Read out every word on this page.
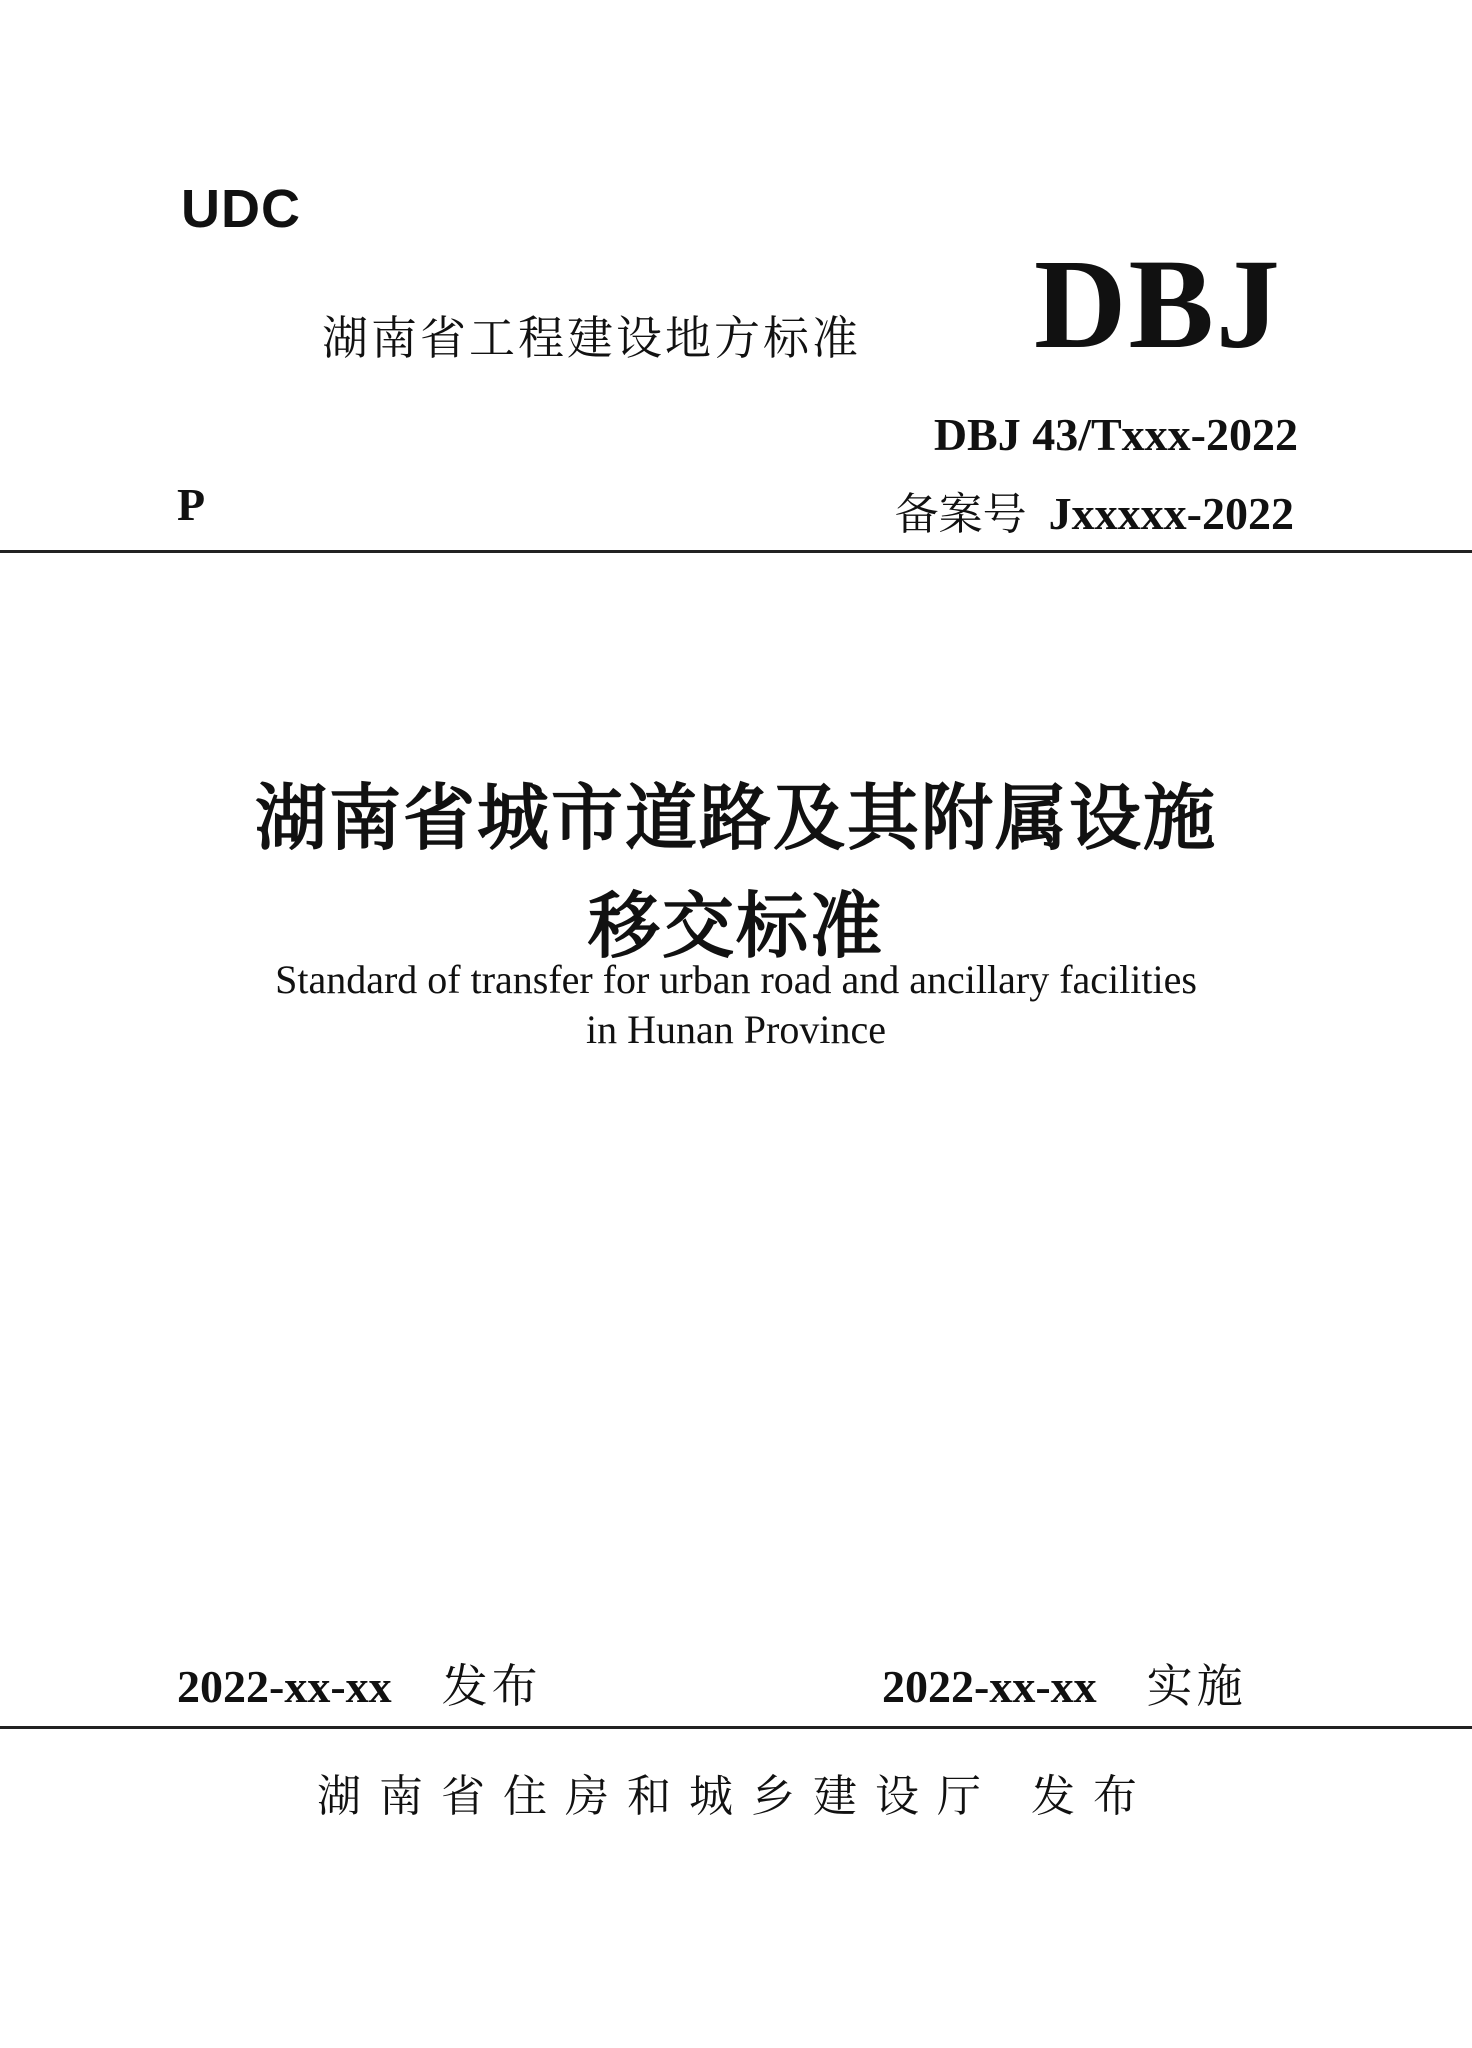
UDC
湖南省工程建设地方标准 DBJ
DBJ 43/Txxx-2022
P	备案号 Jxxxxx-2022
湖南省城市道路及其附属设施
移交标准
Standard of transfer for urban road and ancillary facilities
in Hunan Province
2022-xx-xx 发布	2022-xx-xx 实施
湖南省住房和城乡建设厅 发布
